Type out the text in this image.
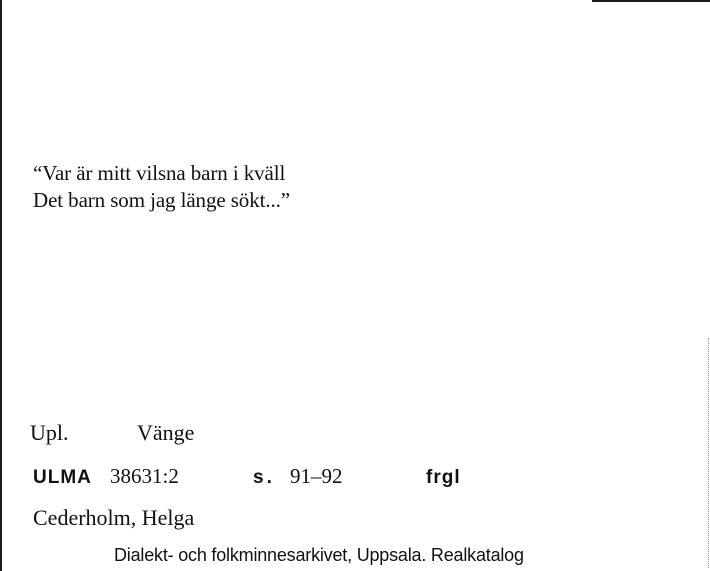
“Var är mitt vilsna barn i kväll
Det barn som jag länge sökt...”
Upl.	Vänge
ULMA 38631:2	s. 91–92	frgl
Cederholm, Helga
Dialekt- och folkminnesarkivet, Uppsala. Realkatalog
